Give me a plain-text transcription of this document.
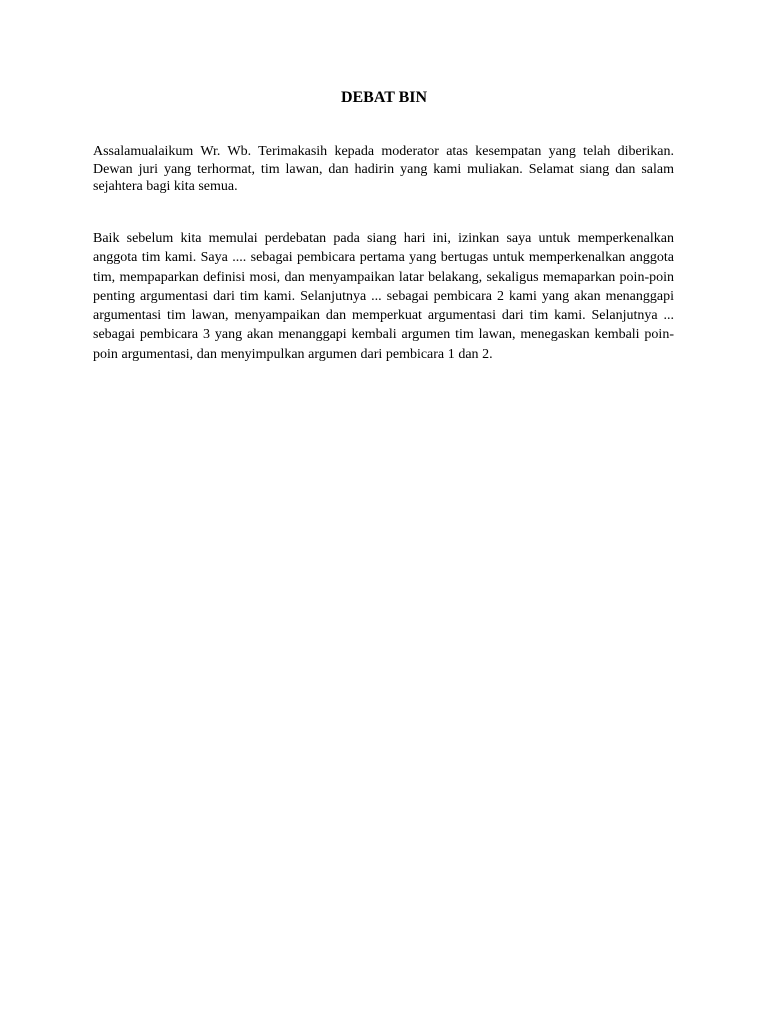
DEBAT BIN

Assalamualaikum Wr. Wb. Terimakasih kepada moderator atas kesempatan yang telah diberikan. Dewan juri yang terhormat, tim lawan, dan hadirin yang kami muliakan. Selamat siang dan salam sejahtera bagi kita semua.

Baik sebelum kita memulai perdebatan pada siang hari ini, izinkan saya untuk memperkenalkan anggota tim kami. Saya .... sebagai pembicara pertama yang bertugas untuk memperkenalkan anggota tim, mempaparkan definisi mosi, dan menyampaikan latar belakang, sekaligus memaparkan poin-poin penting argumentasi dari tim kami. Selanjutnya ... sebagai pembicara 2 kami yang akan menanggapi argumentasi tim lawan, menyampaikan dan memperkuat argumentasi dari tim kami. Selanjutnya ... sebagai pembicara 3 yang akan menanggapi kembali argumen tim lawan, menegaskan kembali poin-poin argumentasi, dan menyimpulkan argumen dari pembicara 1 dan 2.
